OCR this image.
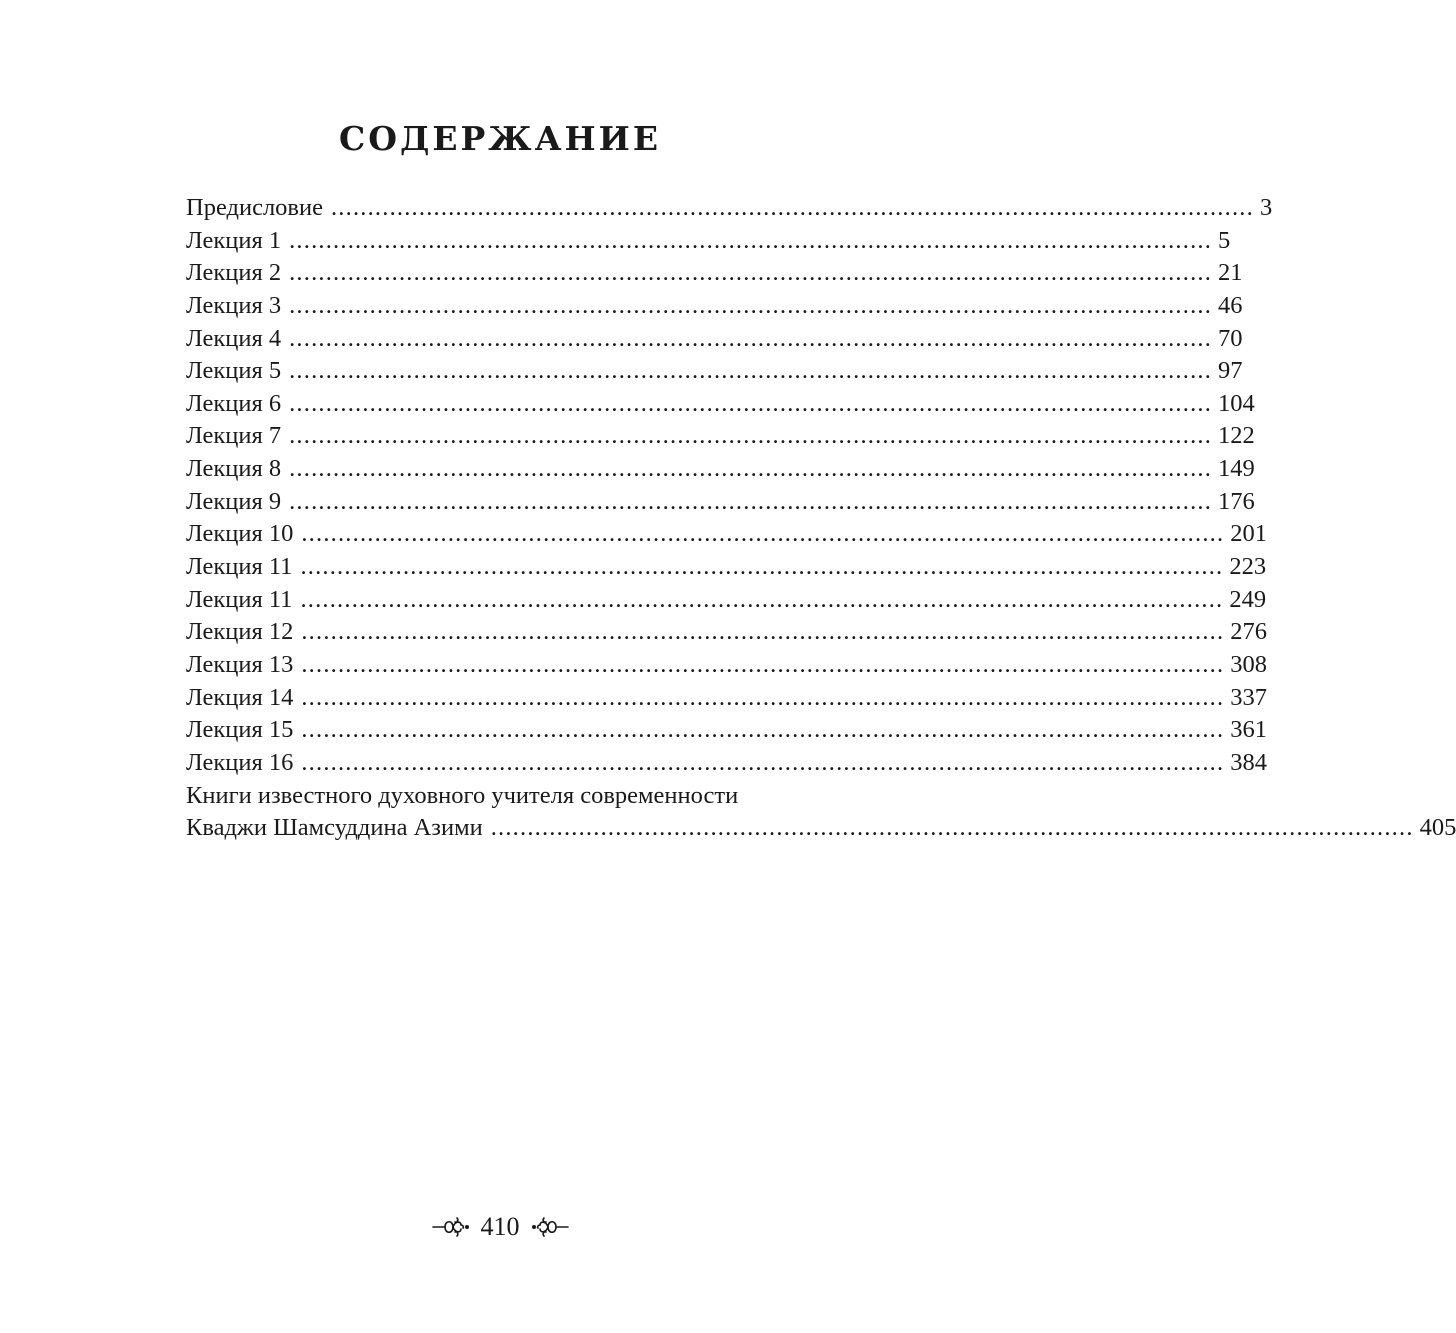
СОДЕРЖАНИЕ
Предисловие .............................................................................................................................. 3
Лекция 1 .............................................................................................................................. 5
Лекция 2 .............................................................................................................................. 21
Лекция 3 .............................................................................................................................. 46
Лекция 4 .............................................................................................................................. 70
Лекция 5 .............................................................................................................................. 97
Лекция 6 .............................................................................................................................. 104
Лекция 7 .............................................................................................................................. 122
Лекция 8 .............................................................................................................................. 149
Лекция 9 .............................................................................................................................. 176
Лекция 10 .............................................................................................................................. 201
Лекция 11 .............................................................................................................................. 223
Лекция 11 .............................................................................................................................. 249
Лекция 12 .............................................................................................................................. 276
Лекция 13 .............................................................................................................................. 308
Лекция 14 .............................................................................................................................. 337
Лекция 15 .............................................................................................................................. 361
Лекция 16 .............................................................................................................................. 384
Книги известного духовного учителя современности
Кваджи Шамсуддина Азими .............................................................................................................................. 405
410
